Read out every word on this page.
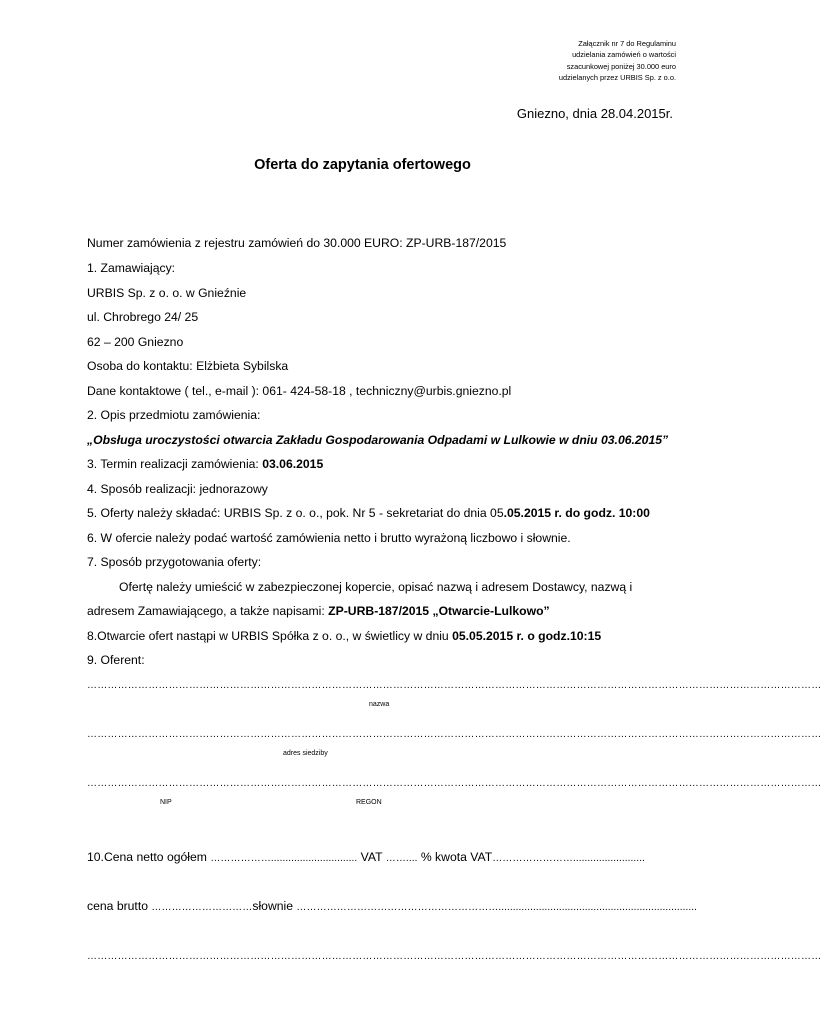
Załącznik nr 7 do Regulaminu
udzielania zamówień o wartości
szacunkowej poniżej 30.000 euro
udzielanych przez URBIS Sp. z o.o.
Gniezno, dnia 28.04.2015r.
Oferta do zapytania ofertowego
Numer zamówienia z rejestru zamówień do 30.000 EURO: ZP-URB-187/2015
1. Zamawiający:
URBIS Sp. z o. o. w Gnieźnie
ul. Chrobrego 24/ 25
62 – 200 Gniezno
Osoba do kontaktu: Elżbieta Sybilska
Dane kontaktowe ( tel., e-mail ): 061- 424-58-18 , techniczny@urbis.gniezno.pl
2. Opis przedmiotu zamówienia:
„Obsługa uroczystości otwarcia Zakładu Gospodarowania Odpadami w Lulkowie w dniu 03.06.2015”
3. Termin realizacji zamówienia: 03.06.2015
4. Sposób realizacji: jednorazowy
5. Oferty należy składać: URBIS Sp. z o. o., pok. Nr 5 - sekretariat do dnia 05.05.2015 r. do godz. 10:00
6. W ofercie należy podać wartość zamówienia netto i brutto wyrażoną liczbowo i słownie.
7. Sposób przygotowania oferty:
Ofertę należy umieścić w zabezpieczonej kopercie, opisać nazwą i adresem Dostawcy, nazwą i
adresem Zamawiającego, a także napisami: ZP-URB-187/2015 „Otwarcie-Lulkowo”
8.Otwarcie ofert nastąpi w URBIS Spółka z o. o., w świetlicy w dniu 05.05.2015 r. o godz.10:15
9. Oferent:
………………………………………………………………………………………………………………………………………………………………………………………………
nazwa
………………………………………………………………………………………………………………………………………………………………………………………………
adres siedziby
………………………………………………………………………………………………………………………………………………………………………………………………
NIP	REGON
10.Cena netto ogółem ……………….............................. VAT …….... % kwota VAT…………………….........................
cena brutto …………………………słownie …………………………………………………….....................................................................
………………………………………………………………………………………………………………………………………………………………………………………………
